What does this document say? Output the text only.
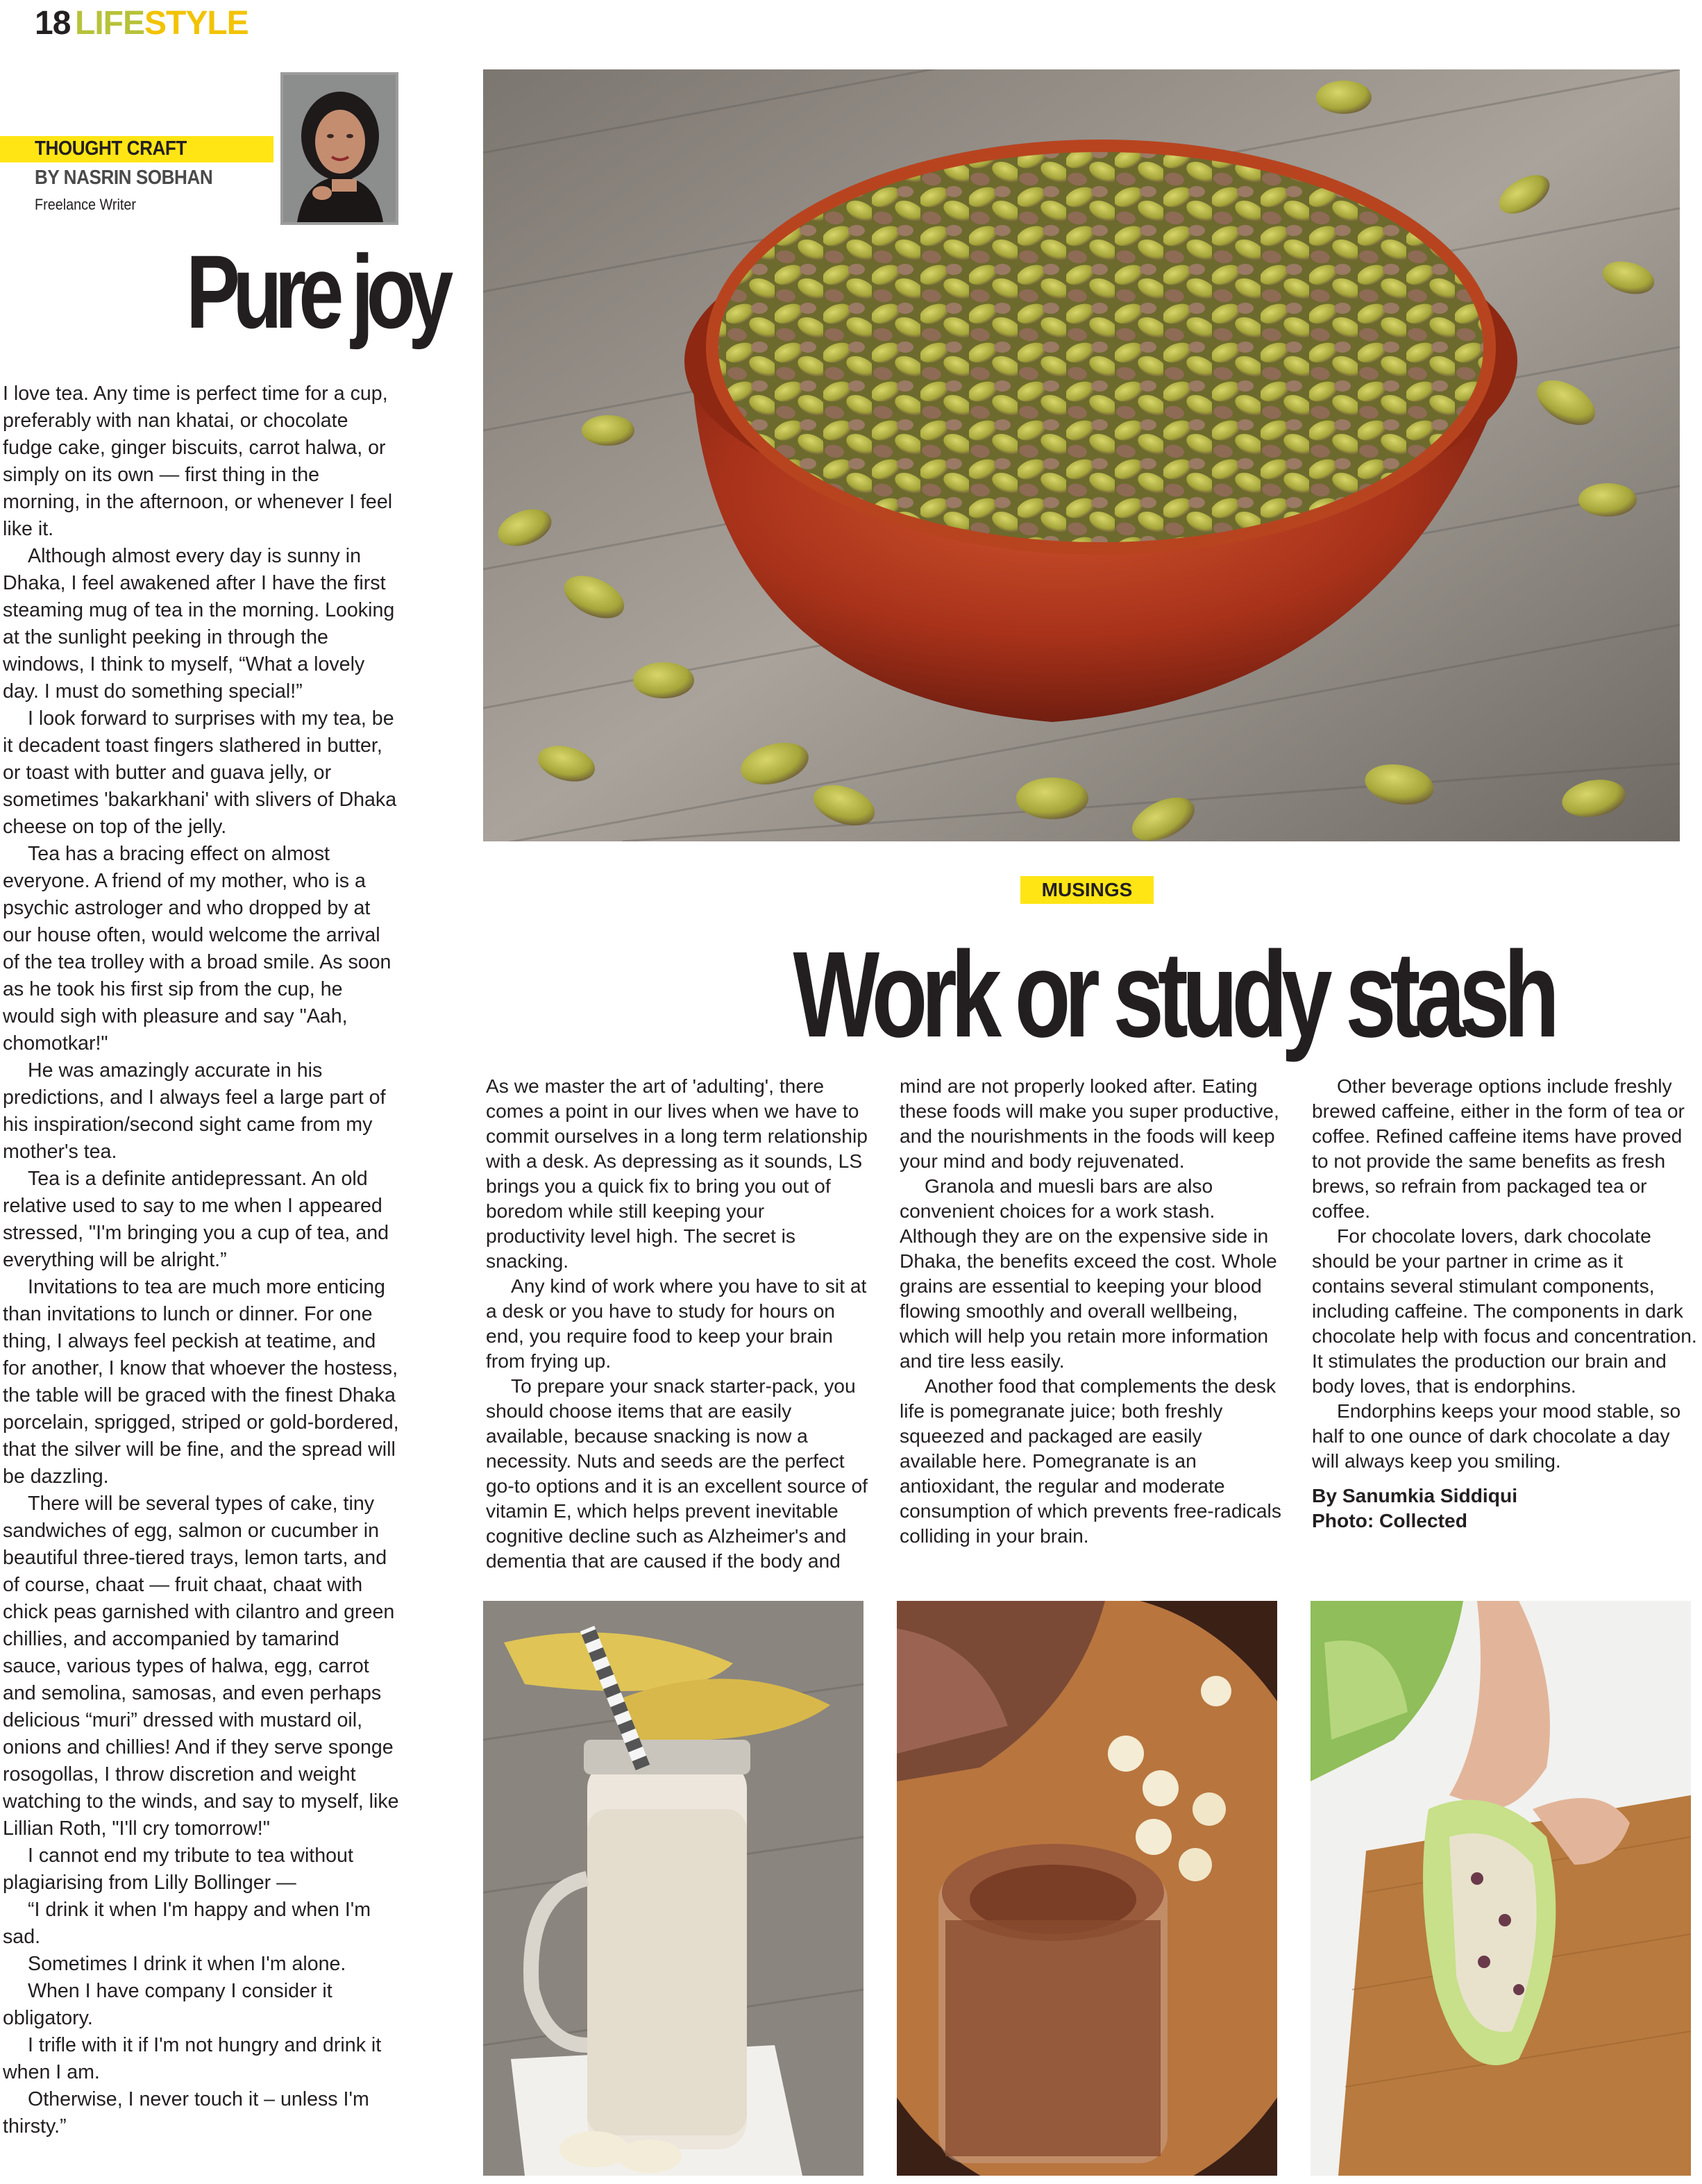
18 LIFESTYLE
THOUGHT CRAFT
BY NASRIN SOBHAN
Freelance Writer
Pure joy

I love tea. Any time is perfect time for a cup, preferably with nan khatai, or chocolate fudge cake, ginger biscuits, carrot halwa, or simply on its own — first thing in the morning, in the afternoon, or whenever I feel like it.

Although almost every day is sunny in Dhaka, I feel awakened after I have the first steaming mug of tea in the morning. Looking at the sunlight peeking in through the windows, I think to myself, “What a lovely day. I must do something special!”

I look forward to surprises with my tea, be it decadent toast fingers slathered in butter, or toast with butter and guava jelly, or sometimes 'bakarkhani' with slivers of Dhaka cheese on top of the jelly.

Tea has a bracing effect on almost everyone. A friend of my mother, who is a psychic astrologer and who dropped by at our house often, would welcome the arrival of the tea trolley with a broad smile. As soon as he took his first sip from the cup, he would sigh with pleasure and say "Aah, chomotkar!"

He was amazingly accurate in his predictions, and I always feel a large part of his inspiration/second sight came from my mother's tea.

Tea is a definite antidepressant. An old relative used to say to me when I appeared stressed, "I'm bringing you a cup of tea, and everything will be alright.”

Invitations to tea are much more enticing than invitations to lunch or dinner. For one thing, I always feel peckish at teatime, and for another, I know that whoever the hostess, the table will be graced with the finest Dhaka porcelain, sprigged, striped or gold-bordered, that the silver will be fine, and the spread will be dazzling.

There will be several types of cake, tiny sandwiches of egg, salmon or cucumber in beautiful three-tiered trays, lemon tarts, and of course, chaat — fruit chaat, chaat with chick peas garnished with cilantro and green chillies, and accompanied by tamarind sauce, various types of halwa, egg, carrot and semolina, samosas, and even perhaps delicious “muri” dressed with mustard oil, onions and chillies! And if they serve sponge rosogollas, I throw discretion and weight watching to the winds, and say to myself, like Lillian Roth, "I'll cry tomorrow!"

I cannot end my tribute to tea without plagiarising from Lilly Bollinger —

“I drink it when I'm happy and when I'm sad.

Sometimes I drink it when I'm alone.

When I have company I consider it obligatory.

I trifle with it if I'm not hungry and drink it when I am.

Otherwise, I never touch it – unless I'm thirsty.”

MUSINGS
Work or study stash

As we master the art of 'adulting', there comes a point in our lives when we have to commit ourselves in a long term relationship with a desk. As depressing as it sounds, LS brings you a quick fix to bring you out of boredom while still keeping your productivity level high. The secret is snacking.

Any kind of work where you have to sit at a desk or you have to study for hours on end, you require food to keep your brain from frying up.

To prepare your snack starter-pack, you should choose items that are easily available, because snacking is now a necessity. Nuts and seeds are the perfect go-to options and it is an excellent source of vitamin E, which helps prevent inevitable cognitive decline such as Alzheimer's and dementia that are caused if the body and

mind are not properly looked after. Eating these foods will make you super productive, and the nourishments in the foods will keep your mind and body rejuvenated.

Granola and muesli bars are also convenient choices for a work stash. Although they are on the expensive side in Dhaka, the benefits exceed the cost. Whole grains are essential to keeping your blood flowing smoothly and overall wellbeing, which will help you retain more information and tire less easily.

Another food that complements the desk life is pomegranate juice; both freshly squeezed and packaged are easily available here. Pomegranate is an antioxidant, the regular and moderate consumption of which prevents free-radicals colliding in your brain.

Other beverage options include freshly brewed caffeine, either in the form of tea or coffee. Refined caffeine items have proved to not provide the same benefits as fresh brews, so refrain from packaged tea or coffee.

For chocolate lovers, dark chocolate should be your partner in crime as it contains several stimulant components, including caffeine. The components in dark chocolate help with focus and concentration. It stimulates the production our brain and body loves, that is endorphins.

Endorphins keeps your mood stable, so half to one ounce of dark chocolate a day will always keep you smiling.

By Sanumkia Siddiqui
Photo: Collected
